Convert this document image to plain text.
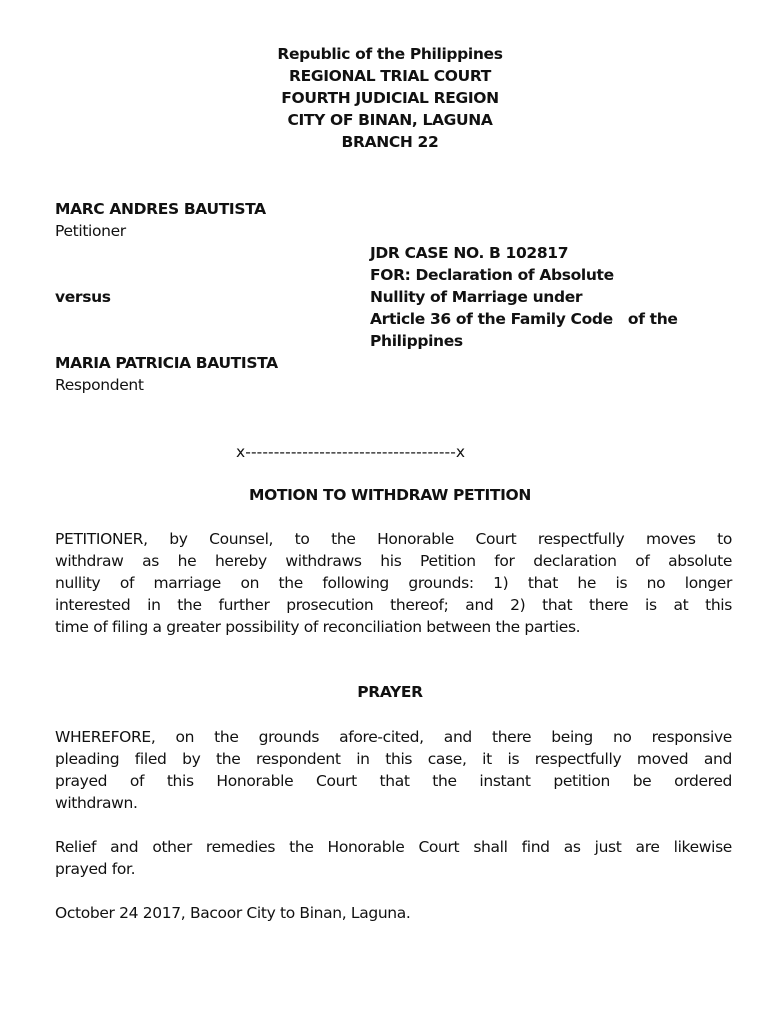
Republic of the Philippines
REGIONAL TRIAL COURT
FOURTH JUDICIAL REGION
CITY OF BINAN, LAGUNA
BRANCH 22
MARC ANDRES BAUTISTA
Petitioner
versus
MARIA PATRICIA BAUTISTA
Respondent
JDR CASE NO. B 102817
FOR: Declaration of Absolute
Nullity of Marriage under
Article 36 of the Family Code   of the
Philippines
x-------------------------------------x
MOTION TO WITHDRAW PETITION
PETITIONER, by Counsel, to the Honorable Court respectfully moves to
withdraw as he hereby withdraws his Petition for declaration of absolute
nullity of marriage on the following grounds: 1) that he is no longer
interested in the further prosecution thereof; and 2) that there is at this
time of filing a greater possibility of reconciliation between the parties.
PRAYER
WHEREFORE, on the grounds afore-cited, and there being no responsive
pleading filed by the respondent in this case, it is respectfully moved and
prayed of this Honorable Court that the instant petition be ordered
withdrawn.
Relief and other remedies the Honorable Court shall find as just are likewise
prayed for.
October 24 2017, Bacoor City to Binan, Laguna.
